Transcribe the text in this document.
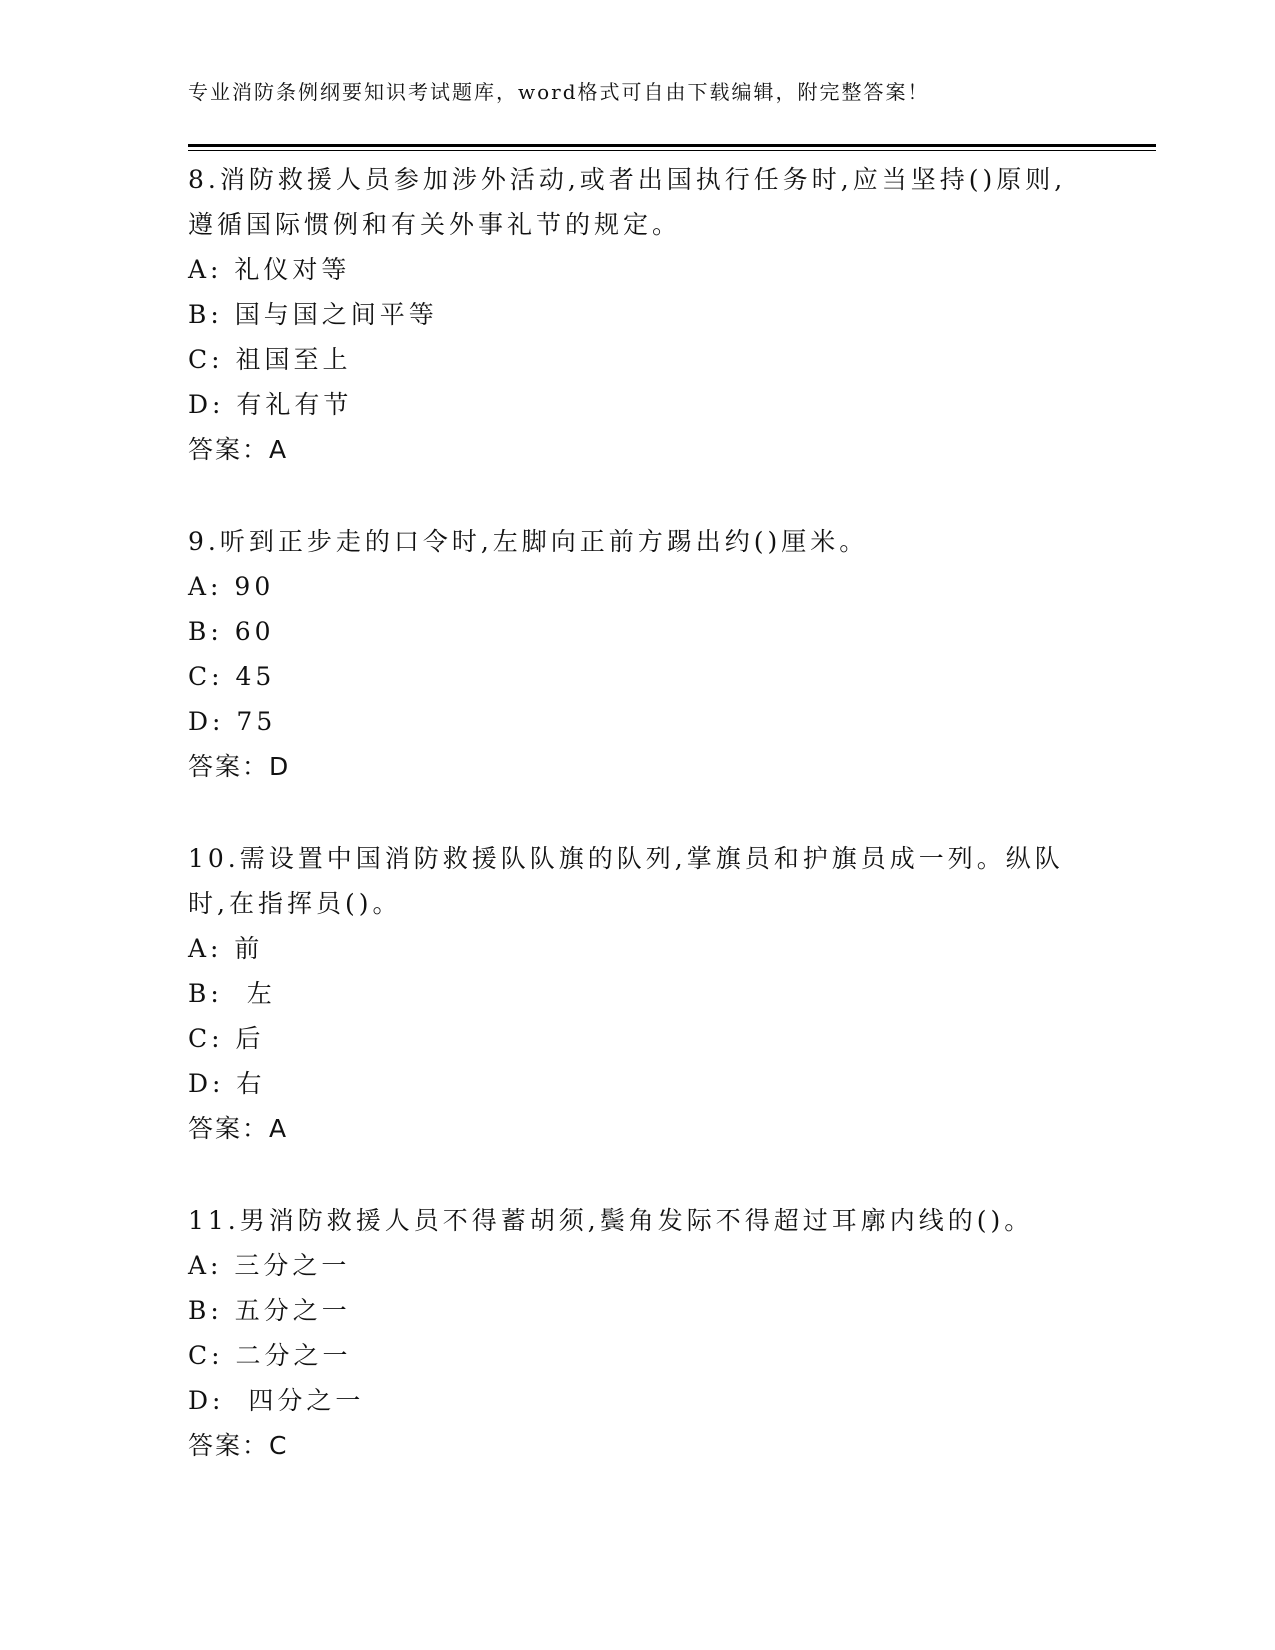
专业消防条例纲要知识考试题库，word格式可自由下载编辑，附完整答案！
8.消防救援人员参加涉外活动,或者出国执行任务时,应当坚持()原则,遵循国际惯例和有关外事礼节的规定。
A: 礼仪对等
B: 国与国之间平等
C: 祖国至上
D: 有礼有节
答案：A
9.听到正步走的口令时,左脚向正前方踢出约()厘米。
A: 90
B: 60
C: 45
D: 75
答案：D
10.需设置中国消防救援队队旗的队列,掌旗员和护旗员成一列。纵队时,在指挥员()。
A: 前
B:  左
C: 后
D: 右
答案：A
11.男消防救援人员不得蓄胡须,鬓角发际不得超过耳廓内线的()。
A: 三分之一
B: 五分之一
C: 二分之一
D:  四分之一
答案：C
